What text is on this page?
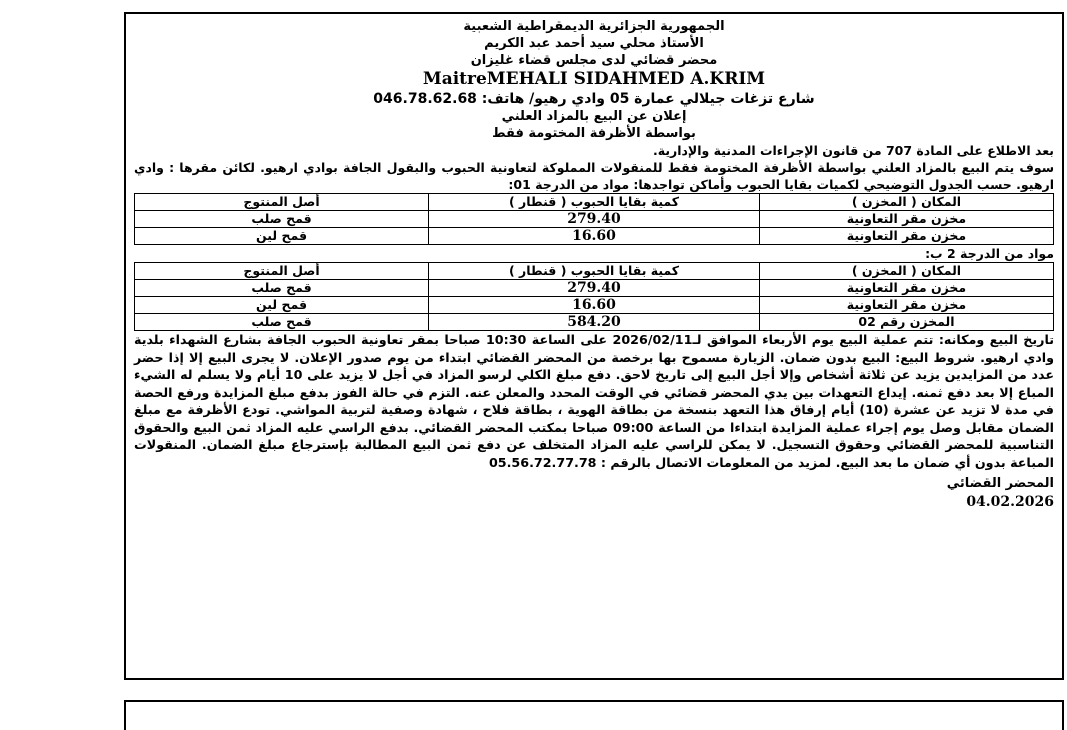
الجمهورية الجزائرية الديمقراطية الشعبية
الأستاذ محلي سيد أحمد عبد الكريم
محضر قضائي لدى مجلس قضاء غليزان
MaitreMEHALI SIDAHMED A.KRIM
شارع تزغات جيلالي عمارة 05 وادي رهيو/ هاتف: 046.78.62.68
إعلان عن البيع بالمزاد العلني
بواسطة الأظرفة المختومة فقط
بعد الاطلاع على المادة 707 من قانون الإجراءات المدنية والإدارية.
سوف يتم البيع بالمزاد العلني بواسطة الأظرفة المختومة فقط للمنقولات المملوكة لتعاونية الحبوب والبقول الجافة بوادي ارهيو. لكائن مقرها : وادي ارهيو. حسب الجدول التوضيحي لكميات بقايا الحبوب وأماكن تواجدها: مواد من الدرجة 01:
المكان ( المخزن )	كمية بقايا الحبوب ( قنطار )	أصل المنتوج
مخزن مقر التعاونية	279.40	قمح صلب
مخزن مقر التعاونية	16.60	قمح لين
مواد من الدرجة 2 ب:
المكان ( المخزن )	كمية بقايا الحبوب ( قنطار )	أصل المنتوج
مخزن مقر التعاونية	279.40	قمح صلب
مخزن مقر التعاونية	16.60	قمح لين
المخزن رقم 02	584.20	قمح صلب
تاريخ البيع ومكانه: تتم عملية البيع يوم الأربعاء الموافق لـ2026/02/11 على الساعة 10:30 صباحا بمقر تعاونية الحبوب الجافة بشارع الشهداء بلدية وادي ارهيو. شروط البيع: البيع بدون ضمان. الزيارة مسموح بها برخصة من المحضر القضائي ابتداء من يوم صدور الإعلان. لا يجرى البيع إلا إذا حضر عدد من المزايدين يزيد عن ثلاثة أشخاص وإلا أجل البيع إلى تاريخ لاحق. دفع مبلغ الكلي لرسو المزاد في أجل لا يزيد على 10 أيام ولا يسلم له الشيء المباع إلا بعد دفع ثمنه. إيداع التعهدات بين يدي المحضر قضائي في الوقت المحدد والمعلن عنه. التزم في حالة الفوز بدفع مبلغ المزايدة ورفع الحصة في مدة لا تزيد عن عشرة (10) أيام إرفاق هذا التعهد بنسخة من بطاقة الهوية ، بطاقة فلاح ، شهادة وصفية لتربية المواشي. تودع الأظرفة مع مبلغ الضمان مقابل وصل يوم إجراء عملية المزايدة ابتداءا من الساعة 09:00 صباحا بمكتب المحضر القضائي. بدفع الراسي عليه المزاد ثمن البيع والحقوق التناسبية للمحضر القضائي وحقوق التسجيل. لا يمكن للراسي عليه المزاد المتخلف عن دفع ثمن البيع المطالبة بإسترجاع مبلغ الضمان. المنقولات المباعة بدون أي ضمان ما بعد البيع. لمزيد من المعلومات الاتصال بالرقم : 05.56.72.77.78
المحضر القضائي
04.02.2026
